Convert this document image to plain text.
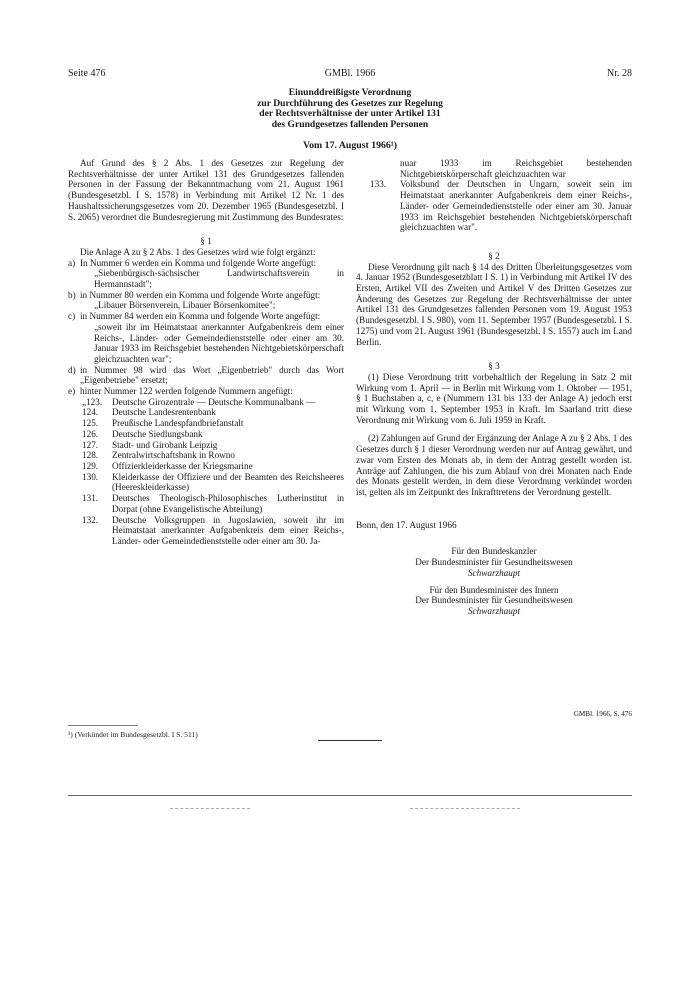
Seite 476	GMBl. 1966	Nr. 28
Einunddreißigste Verordnung
zur Durchführung des Gesetzes zur Regelung
der Rechtsverhältnisse der unter Artikel 131
des Grundgesetzes fallenden Personen
Vom 17. August 1966¹)

Auf Grund des § 2 Abs. 1 des Gesetzes zur Regelung der Rechtsverhältnisse der unter Artikel 131 des Grundgesetzes fallenden Personen in der Fassung der Bekanntmachung vom 21. August 1961 (Bundesgesetzbl. I S. 1578) in Verbindung mit Artikel 12 Nr. 1 des Haushaltssicherungsgesetzes vom 20. Dezember 1965 (Bundesgesetzbl. I S. 2065) verordnet die Bundesregierung mit Zustimmung des Bundesrates:

§ 1

Die Anlage A zu § 2 Abs. 1 des Gesetzes wird wie folgt ergänzt:

a) In Nummer 6 werden ein Komma und folgende Worte angefügt:
„Siebenbürgisch-sächsischer Landwirtschaftsverein in Hermannstadt";
b) in Nummer 80 werden ein Komma und folgende Worte angefügt:
„Libauer Börsenverein, Libauer Börsenkomitee";
c) in Nummer 84 werden ein Komma und folgende Worte angefügt:
„soweit ihr im Heimatstaat anerkannter Aufgabenkreis dem einer Reichs-, Länder- oder Gemeindedienststelle oder einer am 30. Januar 1933 im Reichsgebiet bestehenden Nichtgebietskörperschaft gleichzuachten war";
d) in Nummer 98 wird das Wort „Eigenbetrieb" durch das Wort „Eigenbetriebe" ersetzt;
e) hinter Nummer 122 werden folgende Nummern angefügt:
„123.	Deutsche Girozentrale — Deutsche Kommunalbank —
124.	Deutsche Landesrentenbank
125.	Preußische Landespfandbriefanstalt
126.	Deutsche Siedlungsbank
127.	Stadt- und Girobank Leipzig
128.	Zentralwirtschaftsbank in Rowno
129.	Offizierkleiderkasse der Kriegsmarine
130.	Kleiderkasse der Offiziere und der Beamten des Reichsheeres (Heereskleiderkasse)
131.	Deutsches Theologisch-Philosophisches Lutherinstitut in Dorpat (ohne Evangelistische Abteilung)
132.	Deutsche Volksgruppen in Jugoslawien, soweit ihr im Heimatstaat anerkannter Aufgabenkreis dem einer Reichs-, Länder- oder Gemeindedienststelle oder einer am 30. Ja-
¹) (Verkündet im Bundesgesetzbl. I S. 511)
nuar 1933 im Reichsgebiet bestehenden Nichtgebietskörperschaft gleichzuachten war
133.	Volksbund der Deutschen in Ungarn, soweit sein im Heimatstaat anerkannter Aufgabenkreis dem einer Reichs-, Länder- oder Gemeindedienststelle oder einer am 30. Januar 1933 im Reichsgebiet bestehenden Nichtgebietskörperschaft gleichzuachten war".

§ 2

Diese Verordnung gilt nach § 14 des Dritten Überleitungsgesetzes vom 4. Januar 1952 (Bundesgesetzblatt I S. 1) in Verbindung mit Artikel IV des Ersten, Artikel VII des Zweiten und Artikel V des Dritten Gesetzes zur Änderung des Gesetzes zur Regelung der Rechtsverhältnisse der unter Artikel 131 des Grundgesetzes fallenden Personen vom 19. August 1953 (Bundesgesetzbl. I S. 980), vom 11. September 1957 (Bundesgesetzbl. I S. 1275) und vom 21. August 1961 (Bundesgesetzbl. I S. 1557) auch im Land Berlin.

§ 3

(1) Diese Verordnung tritt vorbehaltlich der Regelung in Satz 2 mit Wirkung vom 1. April — in Berlin mit Wirkung vom 1. Oktober — 1951, § 1 Buchstaben a, c, e (Nummern 131 bis 133 der Anlage A) jedoch erst mit Wirkung vom 1. September 1953 in Kraft. Im Saarland tritt diese Verordnung mit Wirkung vom 6. Juli 1959 in Kraft.

(2) Zahlungen auf Grund der Ergänzung der Anlage A zu § 2 Abs. 1 des Gesetzes durch § 1 dieser Verordnung werden nur auf Antrag gewährt, und zwar vom Ersten des Monats ab, in dem der Antrag gestellt worden ist. Anträge auf Zahlungen, die bis zum Ablauf von drei Monaten nach Ende des Monats gestellt werden, in dem diese Verordnung verkündet worden ist, gelten als im Zeitpunkt des Inkrafttretens der Verordnung gestellt.

Bonn, den 17. August 1966

Für den Bundeskanzler
Der Bundesminister für Gesundheitswesen
Schwarzhaupt
Für den Bundesminister des Innern
Der Bundesminister für Gesundheitswesen
Schwarzhaupt
GMBl. 1966, S. 476
